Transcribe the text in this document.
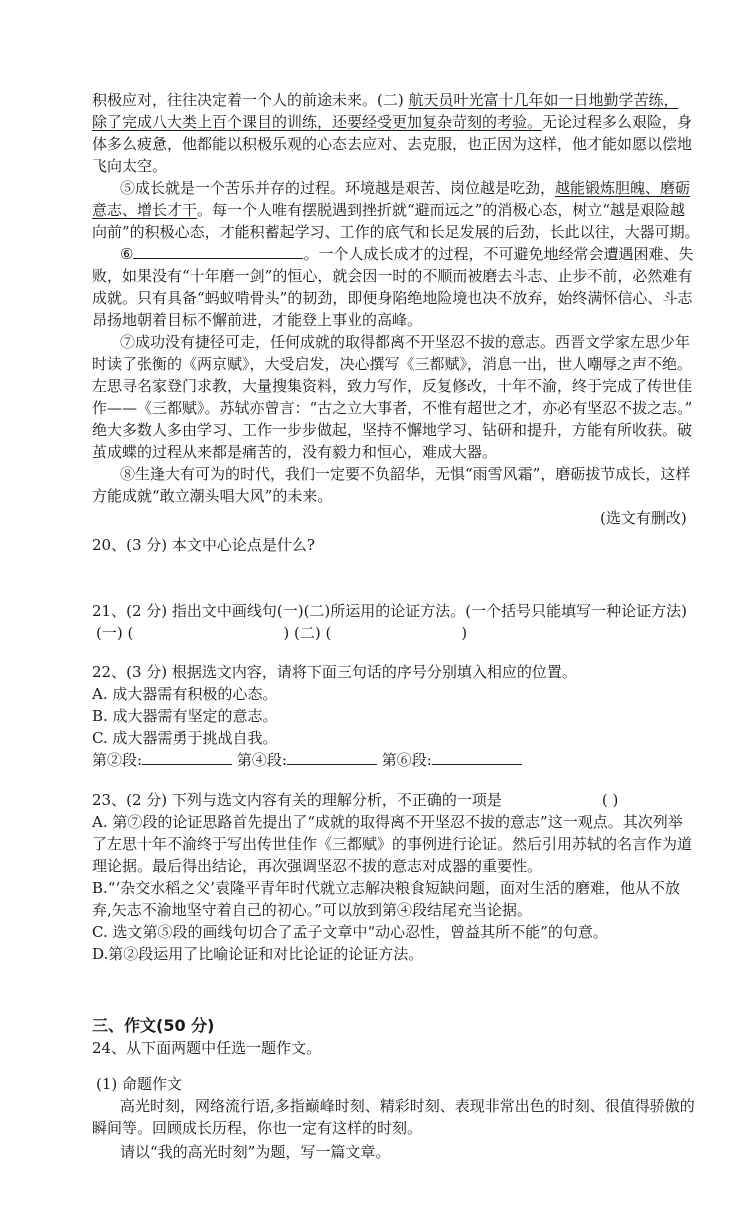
积极应对，往往决定着一个人的前途未来。(二) 航天员叶光富十几年如一日地勤学苦练，
除了完成八大类上百个课目的训练，还要经受更加复杂苛刻的考验。无论过程多么艰险，身
体多么疲惫，他都能以积极乐观的心态去应对、去克服，也正因为这样，他才能如愿以偿地
飞向太空。
⑤成长就是一个苦乐并存的过程。环境越是艰苦、岗位越是吃劲，越能锻炼胆魄、磨砺
意志、增长才干。每一个人唯有摆脱遇到挫折就“避而远之”的消极心态，树立“越是艰险越
向前”的积极心态，才能积蓄起学习、工作的底气和长足发展的后劲，长此以往，大器可期。
⑥	。一个人成长成才的过程，不可避免地经常会遭遇困难、失
败，如果没有“十年磨一剑”的恒心，就会因一时的不顺而被磨去斗志、止步不前，必然难有
成就。只有具备“蚂蚁啃骨头”的韧劲，即便身陷绝地险境也决不放弃，始终满怀信心、斗志
昂扬地朝着目标不懈前进，才能登上事业的高峰。
⑦成功没有捷径可走，任何成就的取得都离不开坚忍不拔的意志。西晋文学家左思少年
时读了张衡的《两京赋》，大受启发，决心撰写《三都赋》，消息一出，世人嘲辱之声不绝。
左思寻名家登门求教，大量搜集资料，致力写作，反复修改，十年不渝，终于完成了传世佳
作——《三都赋》。苏轼亦曾言：“古之立大事者，不惟有超世之才，亦必有坚忍不拔之志。”
绝大多数人多由学习、工作一步步做起，坚持不懈地学习、钻研和提升，方能有所收获。破
茧成蝶的过程从来都是痛苦的，没有毅力和恒心，难成大器。
⑧生逢大有可为的时代，我们一定要不负韶华，无惧“雨雪风霜”，磨砺拔节成长，这样
方能成就“敢立潮头唱大风”的未来。
(选文有删改)
20、(3 分) 本文中心论点是什么?
21、(2 分) 指出文中画线句(一)(二)所运用的论证方法。(一个括号只能填写一种论证方法)
(一) (	) (二) (	)
22、(3 分) 根据选文内容，请将下面三句话的序号分别填入相应的位置。
A. 成大器需有积极的心态。
B. 成大器需有坚定的意志。
C. 成大器需勇于挑战自我。
第②段:	第④段:	第⑥段:
23、(2 分) 下列与选文内容有关的理解分析，不正确的一项是	( )
A. 第⑦段的论证思路首先提出了“成就的取得离不开坚忍不拔的意志”这一观点。其次列举
了左思十年不渝终于写出传世佳作《三都赋》的事例进行论证。然后引用苏轼的名言作为道
理论据。最后得出结论，再次强调坚忍不拔的意志对成器的重要性。
B.“‘杂交水稻之父’袁隆平青年时代就立志解决粮食短缺问题，面对生活的磨难，他从不放
弃,矢志不渝地坚守着自己的初心。”可以放到第④段结尾充当论据。
C. 选文第⑤段的画线句切合了孟子文章中“动心忍性，曾益其所不能”的句意。
D.第②段运用了比喻论证和对比论证的论证方法。
三、作文(50 分)
24、从下面两题中任选一题作文。
(1) 命题作文
高光时刻，网络流行语,多指巅峰时刻、精彩时刻、表现非常出色的时刻、很值得骄傲的
瞬间等。回顾成长历程，你也一定有这样的时刻。
请以“我的高光时刻”为题，写一篇文章。
